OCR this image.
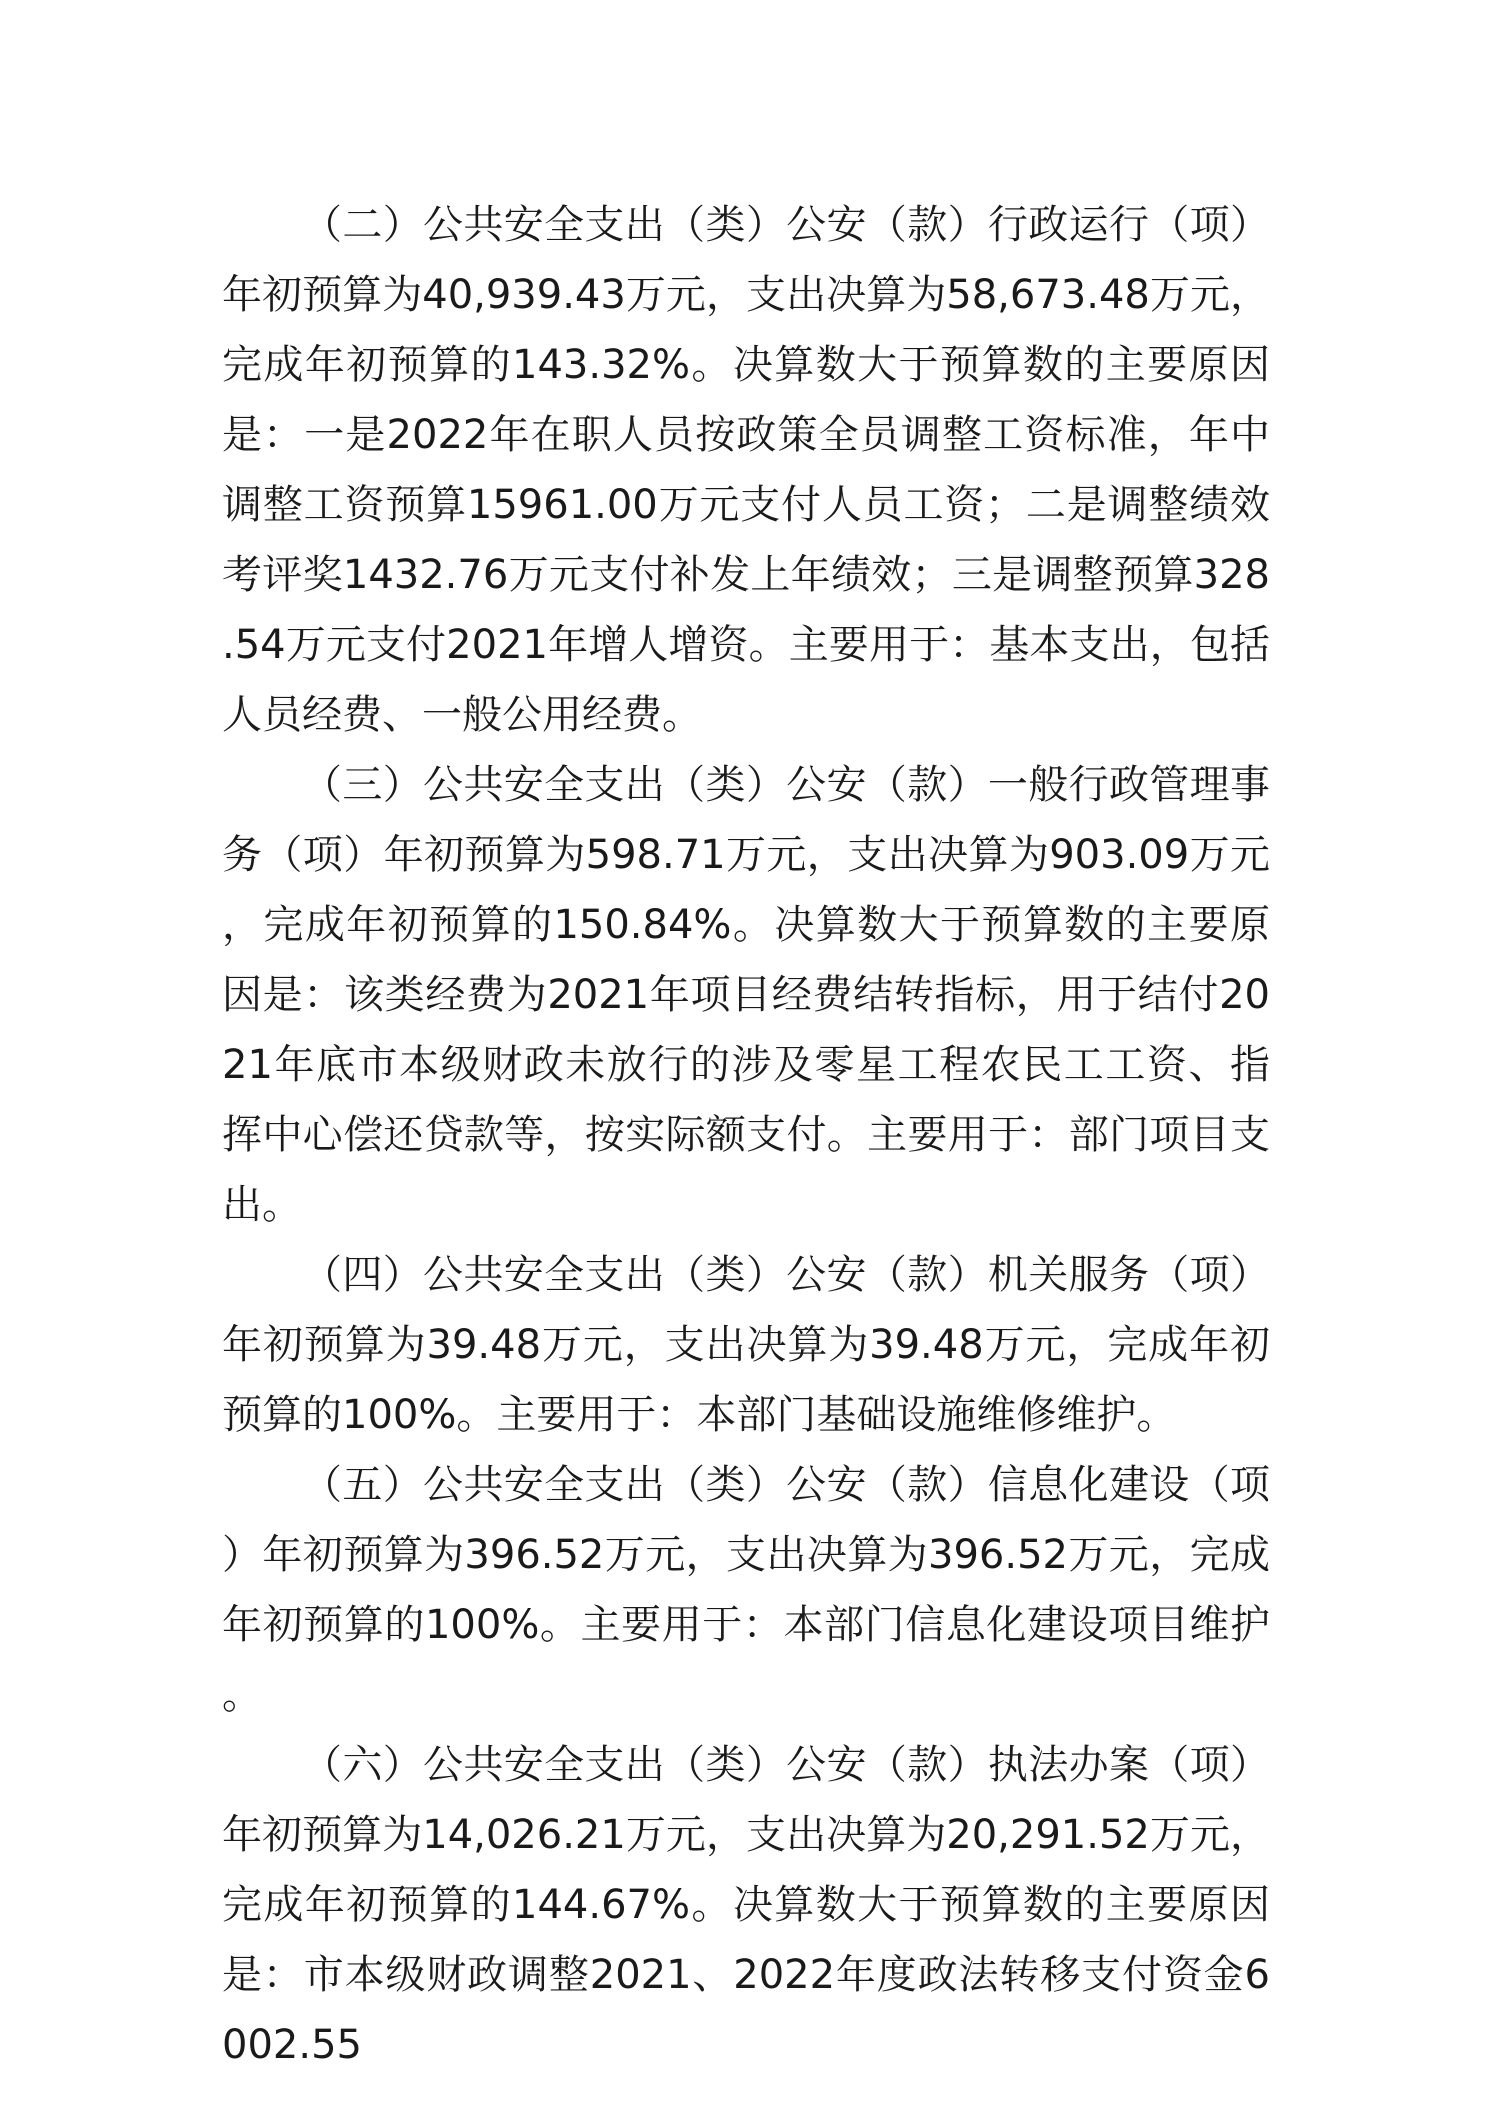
（二）公共安全支出（类）公安（款）行政运行（项）年初预算为40,939.43万元，支出决算为58,673.48万元，完成年初预算的143.32%。决算数大于预算数的主要原因是：一是2022年在职人员按政策全员调整工资标准，年中调整工资预算15961.00万元支付人员工资；二是调整绩效考评奖1432.76万元支付补发上年绩效；三是调整预算328.54万元支付2021年增人增资。主要用于：基本支出，包括人员经费、一般公用经费。

（三）公共安全支出（类）公安（款）一般行政管理事务（项）年初预算为598.71万元，支出决算为903.09万元，完成年初预算的150.84%。决算数大于预算数的主要原因是：该类经费为2021年项目经费结转指标，用于结付2021年底市本级财政未放行的涉及零星工程农民工工资、指挥中心偿还贷款等，按实际额支付。主要用于：部门项目支出。

（四）公共安全支出（类）公安（款）机关服务（项）年初预算为39.48万元，支出决算为39.48万元，完成年初预算的100%。主要用于：本部门基础设施维修维护。

（五）公共安全支出（类）公安（款）信息化建设（项）年初预算为396.52万元，支出决算为396.52万元，完成年初预算的100%。主要用于：本部门信息化建设项目维护。

（六）公共安全支出（类）公安（款）执法办案（项）年初预算为14,026.21万元，支出决算为20,291.52万元，完成年初预算的144.67%。决算数大于预算数的主要原因是：市本级财政调整2021、2022年度政法转移支付资金6002.55
